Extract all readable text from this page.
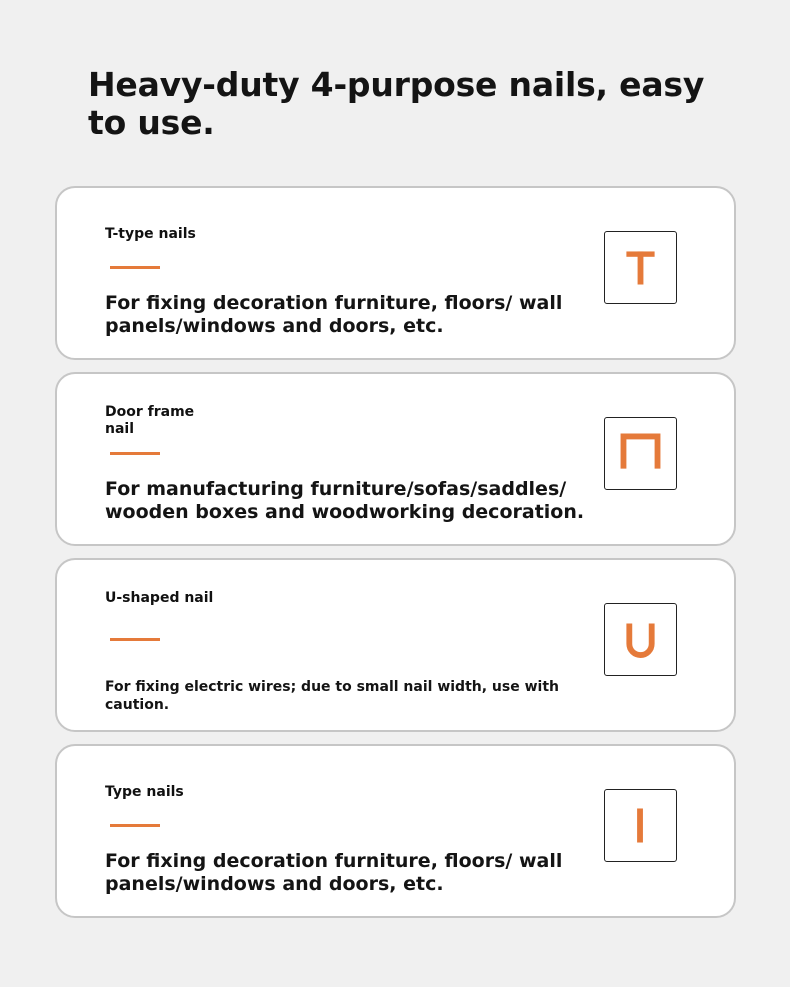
Heavy-duty 4-purpose nails, easy to use.
T-type nails
For fixing decoration furniture, floors/ wall panels/windows and doors, etc.
Door frame nail
For manufacturing furniture/sofas/saddles/ wooden boxes and woodworking decoration.
U-shaped nail
For fixing electric wires; due to small nail width, use with caution.
Type nails
For fixing decoration furniture, floors/ wall panels/windows and doors, etc.
